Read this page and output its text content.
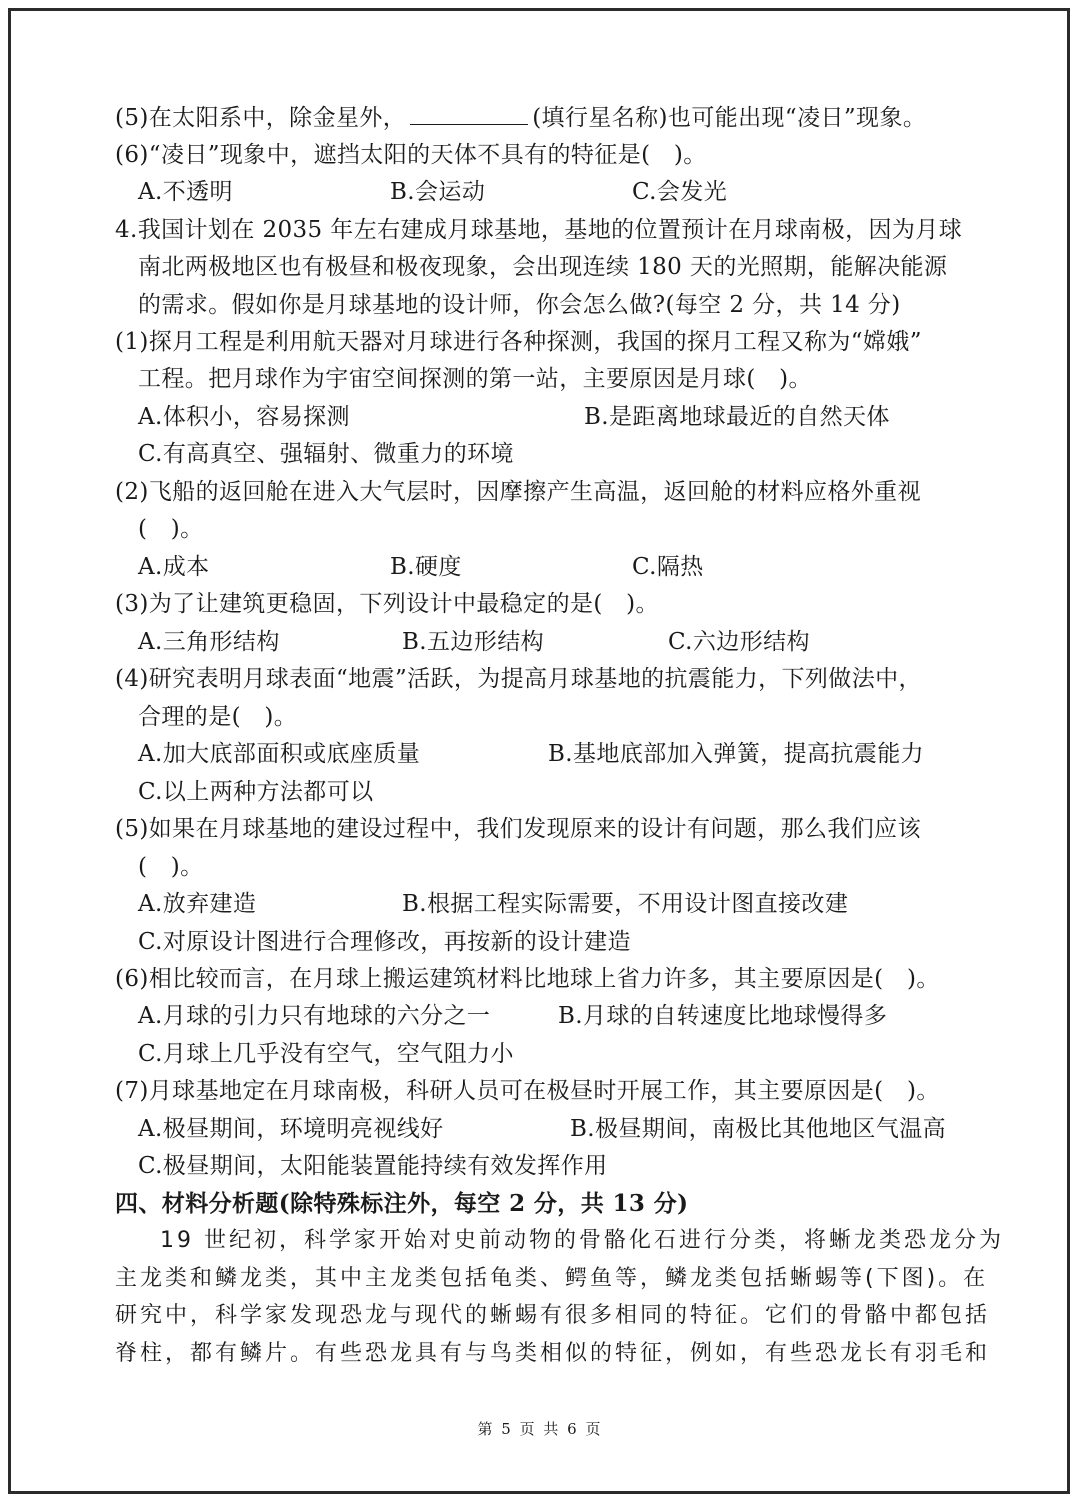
(5)在太阳系中，除金星外，	(填行星名称)也可能出现“凌日”现象。
(6)“凌日”现象中，遮挡太阳的天体不具有的特征是(　)。
A.不透明	B.会运动	C.会发光
4.我国计划在 2035 年左右建成月球基地，基地的位置预计在月球南极，因为月球
南北两极地区也有极昼和极夜现象，会出现连续 180 天的光照期，能解决能源
的需求。假如你是月球基地的设计师，你会怎么做?(每空 2 分，共 14 分)
(1)探月工程是利用航天器对月球进行各种探测，我国的探月工程又称为“嫦娥”
工程。把月球作为宇宙空间探测的第一站，主要原因是月球(　)。
A.体积小，容易探测	B.是距离地球最近的自然天体
C.有高真空、强辐射、微重力的环境
(2)飞船的返回舱在进入大气层时，因摩擦产生高温，返回舱的材料应格外重视
(　)。
A.成本	B.硬度	C.隔热
(3)为了让建筑更稳固，下列设计中最稳定的是(　)。
A.三角形结构	B.五边形结构	C.六边形结构
(4)研究表明月球表面“地震”活跃，为提高月球基地的抗震能力，下列做法中，
合理的是(　)。
A.加大底部面积或底座质量	B.基地底部加入弹簧，提高抗震能力
C.以上两种方法都可以
(5)如果在月球基地的建设过程中，我们发现原来的设计有问题，那么我们应该
(　)。
A.放弃建造	B.根据工程实际需要，不用设计图直接改建
C.对原设计图进行合理修改，再按新的设计建造
(6)相比较而言，在月球上搬运建筑材料比地球上省力许多，其主要原因是(　)。
A.月球的引力只有地球的六分之一	B.月球的自转速度比地球慢得多
C.月球上几乎没有空气，空气阻力小
(7)月球基地定在月球南极，科研人员可在极昼时开展工作，其主要原因是(　)。
A.极昼期间，环境明亮视线好	B.极昼期间，南极比其他地区气温高
C.极昼期间，太阳能装置能持续有效发挥作用
四、材料分析题(除特殊标注外，每空 2 分，共 13 分)
19 世纪初，科学家开始对史前动物的骨骼化石进行分类，将蜥龙类恐龙分为
主龙类和鳞龙类，其中主龙类包括龟类、鳄鱼等，鳞龙类包括蜥蜴等(下图)。在
研究中，科学家发现恐龙与现代的蜥蜴有很多相同的特征。它们的骨骼中都包括
脊柱，都有鳞片。有些恐龙具有与鸟类相似的特征，例如，有些恐龙长有羽毛和
第 5 页 共 6 页
